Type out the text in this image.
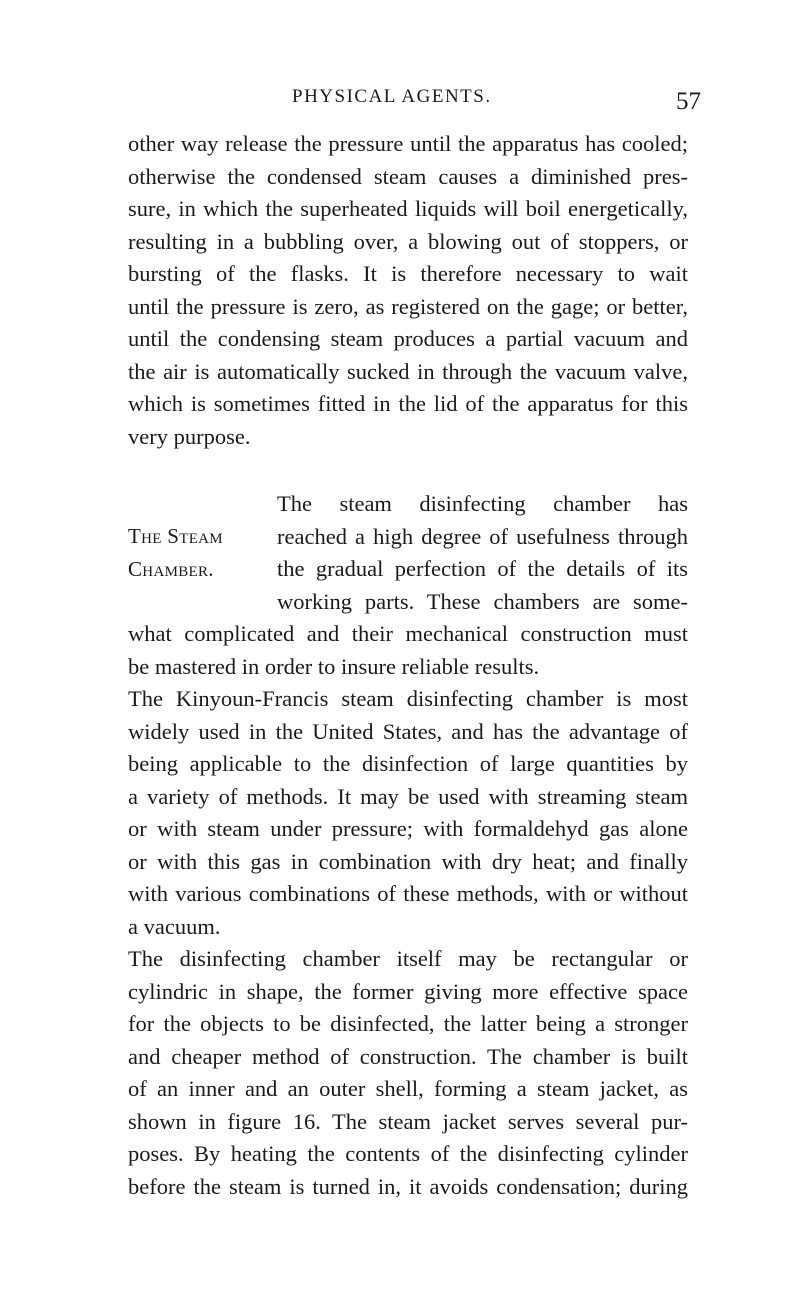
PHYSICAL AGENTS.	57
other way release the pressure until the apparatus has cooled;
otherwise the condensed steam causes a diminished pres-
sure, in which the superheated liquids will boil energetically,
resulting in a bubbling over, a blowing out of stoppers, or
bursting of the flasks. It is therefore necessary to wait
until the pressure is zero, as registered on the gage; or better,
until the condensing steam produces a partial vacuum and
the air is automatically sucked in through the vacuum valve,
which is sometimes fitted in the lid of the apparatus for this
very purpose.
The Steam
Chamber.
The steam disinfecting chamber has
reached a high degree of usefulness through
the gradual perfection of the details of its
working parts. These chambers are some-
what complicated and their mechanical construction must
be mastered in order to insure reliable results.
The Kinyoun-Francis steam disinfecting chamber is most
widely used in the United States, and has the advantage of
being applicable to the disinfection of large quantities by
a variety of methods. It may be used with streaming steam
or with steam under pressure; with formaldehyd gas alone
or with this gas in combination with dry heat; and finally
with various combinations of these methods, with or without
a vacuum.
The disinfecting chamber itself may be rectangular or
cylindric in shape, the former giving more effective space
for the objects to be disinfected, the latter being a stronger
and cheaper method of construction. The chamber is built
of an inner and an outer shell, forming a steam jacket, as
shown in figure 16. The steam jacket serves several pur-
poses. By heating the contents of the disinfecting cylinder
before the steam is turned in, it avoids condensation; during
